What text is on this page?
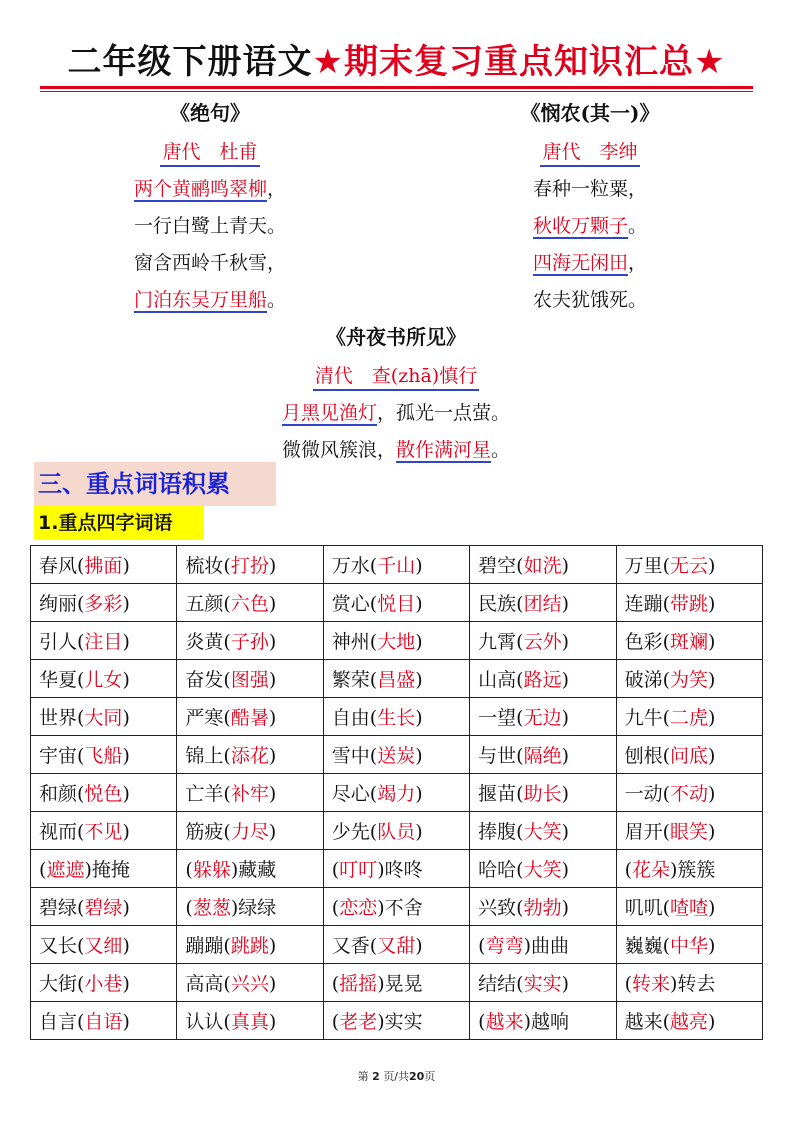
二年级下册语文★期末复习重点知识汇总★
《绝句》
唐代　杜甫
两个黄鹂鸣翠柳，
一行白鹭上青天。
窗含西岭千秋雪，
门泊东吴万里船。
《悯农(其一)》
唐代　李绅
春种一粒粟，
秋收万颗子。
四海无闲田，
农夫犹饿死。
《舟夜书所见》
清代　查(zhā)慎行
月黑见渔灯，孤光一点萤。
微微风簇浪，散作满河星。
三、重点词语积累
1.重点四字词语
春风(拂面)	梳妆(打扮)	万水(千山)	碧空(如洗)	万里(无云)
绚丽(多彩)	五颜(六色)	赏心(悦目)	民族(团结)	连蹦(带跳)
引人(注目)	炎黄(子孙)	神州(大地)	九霄(云外)	色彩(斑斓)
华夏(儿女)	奋发(图强)	繁荣(昌盛)	山高(路远)	破涕(为笑)
世界(大同)	严寒(酷暑)	自由(生长)	一望(无边)	九牛(二虎)
宇宙(飞船)	锦上(添花)	雪中(送炭)	与世(隔绝)	刨根(问底)
和颜(悦色)	亡羊(补牢)	尽心(竭力)	揠苗(助长)	一动(不动)
视而(不见)	筋疲(力尽)	少先(队员)	捧腹(大笑)	眉开(眼笑)
(遮遮)掩掩	(躲躲)藏藏	(叮叮)咚咚	哈哈(大笑)	(花朵)簇簇
碧绿(碧绿)	(葱葱)绿绿	(恋恋)不舍	兴致(勃勃)	叽叽(喳喳)
又长(又细)	蹦蹦(跳跳)	又香(又甜)	(弯弯)曲曲	巍巍(中华)
大街(小巷)	高高(兴兴)	(摇摇)晃晃	结结(实实)	(转来)转去
自言(自语)	认认(真真)	(老老)实实	(越来)越响	越来(越亮)
第 2 页/共20页
